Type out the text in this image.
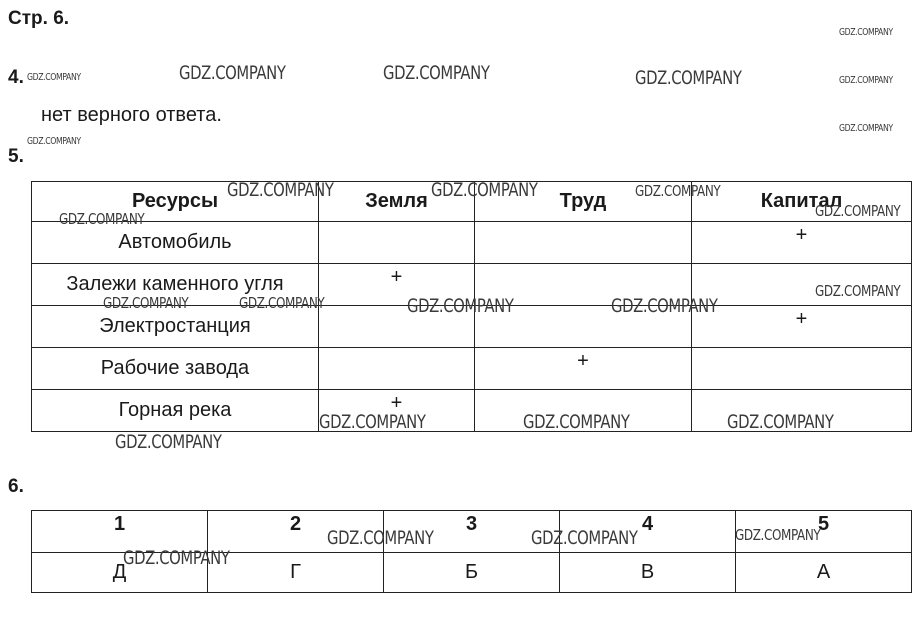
Стр. 6.
4.
нет верного ответа.
5.
Ресурсы	Земля	Труд	Капитал
Автомобиль			+
Залежи каменного угля	+		
Электростанция			+
Рабочие завода		+	
Горная река	+		
6.
1	2	3	4	5
Д	Г	Б	В	А
GDZ.COMPANY
GDZ.COMPANY	GDZ.COMPANY	GDZ.COMPANY	GDZ.COMPANY	GDZ.COMPANY
GDZ.COMPANY
GDZ.COMPANY
GDZ.COMPANY	GDZ.COMPANY	GDZ.COMPANY
GDZ.COMPANY	GDZ.COMPANY
GDZ.COMPANY
GDZ.COMPANY	GDZ.COMPANY	GDZ.COMPANY	GDZ.COMPANY
GDZ.COMPANY	GDZ.COMPANY	GDZ.COMPANY
GDZ.COMPANY
GDZ.COMPANY	GDZ.COMPANY	GDZ.COMPANY
GDZ.COMPANY
